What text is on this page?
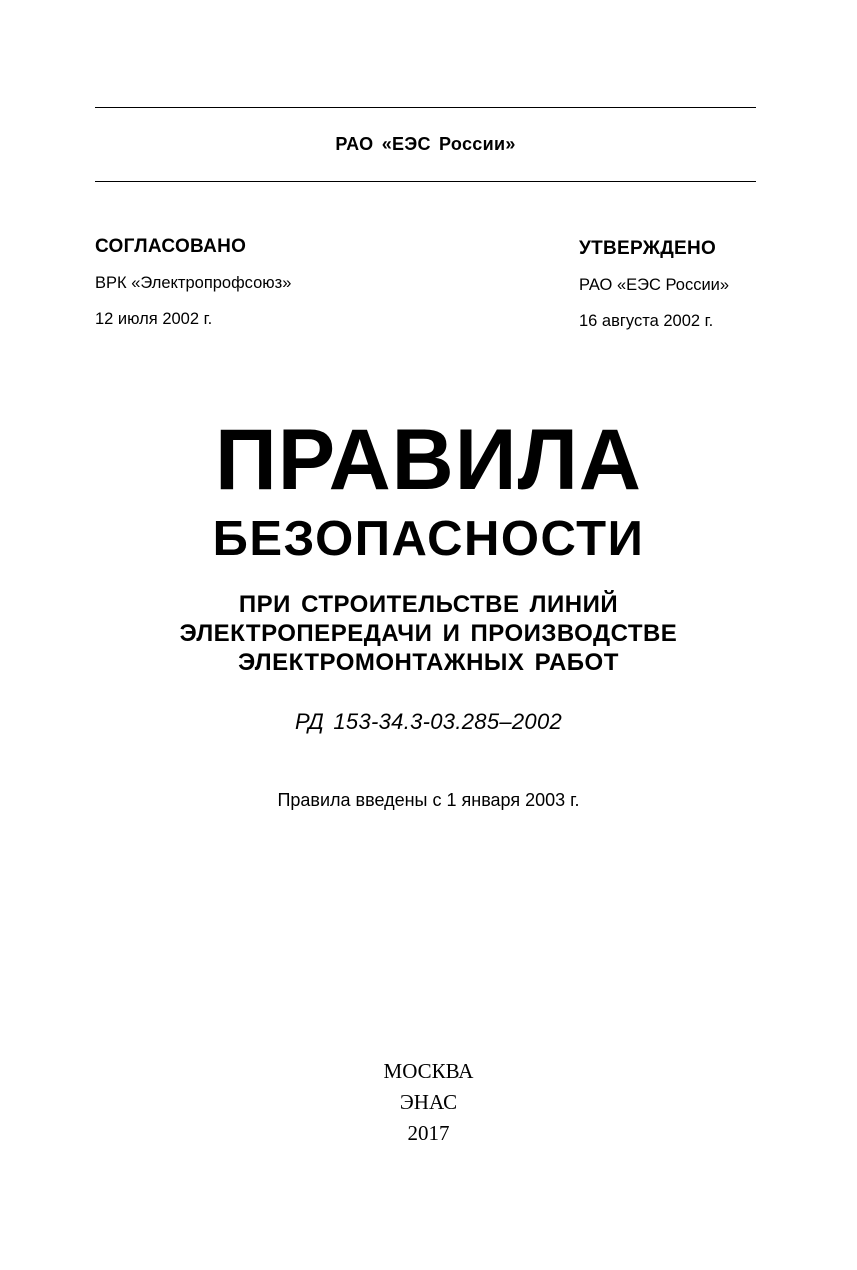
РАО «ЕЭС России»
СОГЛАСОВАНО
ВРК «Электропрофсоюз»
12 июля 2002 г.
УТВЕРЖДЕНО
РАО «ЕЭС России»
16 августа 2002 г.
ПРАВИЛА
БЕЗОПАСНОСТИ
ПРИ СТРОИТЕЛЬСТВЕ ЛИНИЙ
ЭЛЕКТРОПЕРЕДАЧИ И ПРОИЗВОДСТВЕ
ЭЛЕКТРОМОНТАЖНЫХ РАБОТ
РД 153-34.3-03.285–2002
Правила введены с 1 января 2003 г.
МОСКВА
ЭНАС
2017
